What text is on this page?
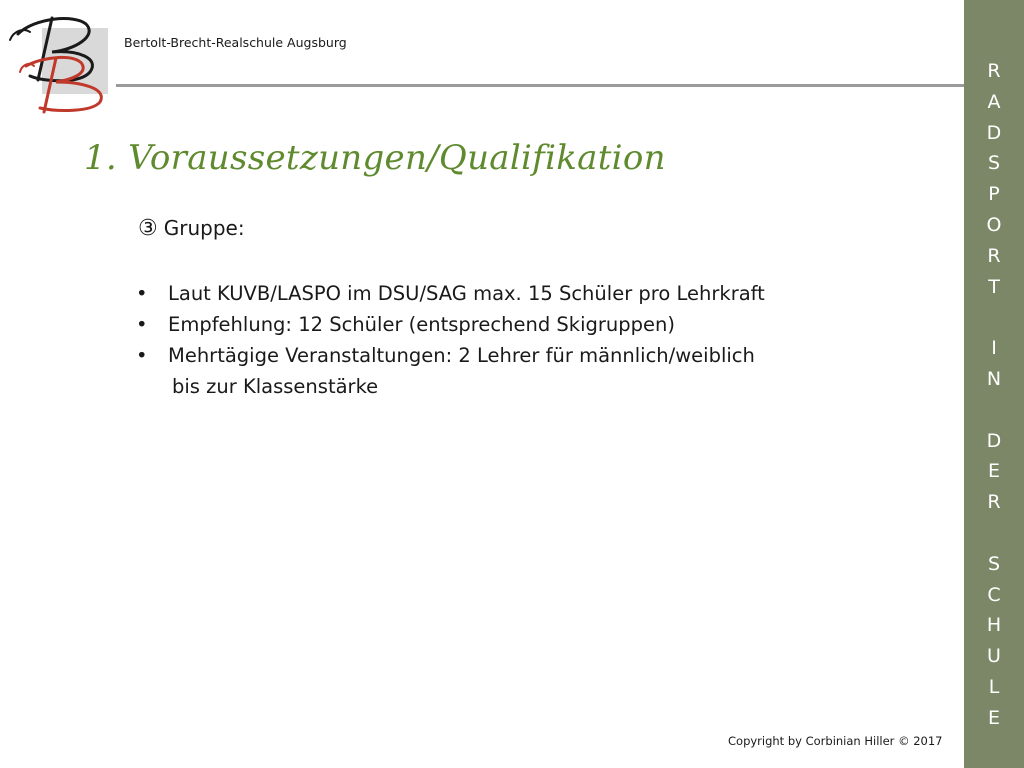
Bertolt-Brecht-Realschule Augsburg
1. Voraussetzungen/Qualifikation
③ Gruppe:
• Laut KUVB/LASPO im DSU/SAG max. 15 Schüler pro Lehrkraft
• Empfehlung: 12 Schüler (entsprechend Skigruppen)
• Mehrtägige Veranstaltungen: 2 Lehrer für männlich/weiblich
bis zur Klassenstärke
R
A
D
S
P
O
R
T

I
N

D
E
R

S
C
H
U
L
E
Copyright by Corbinian Hiller © 2017
